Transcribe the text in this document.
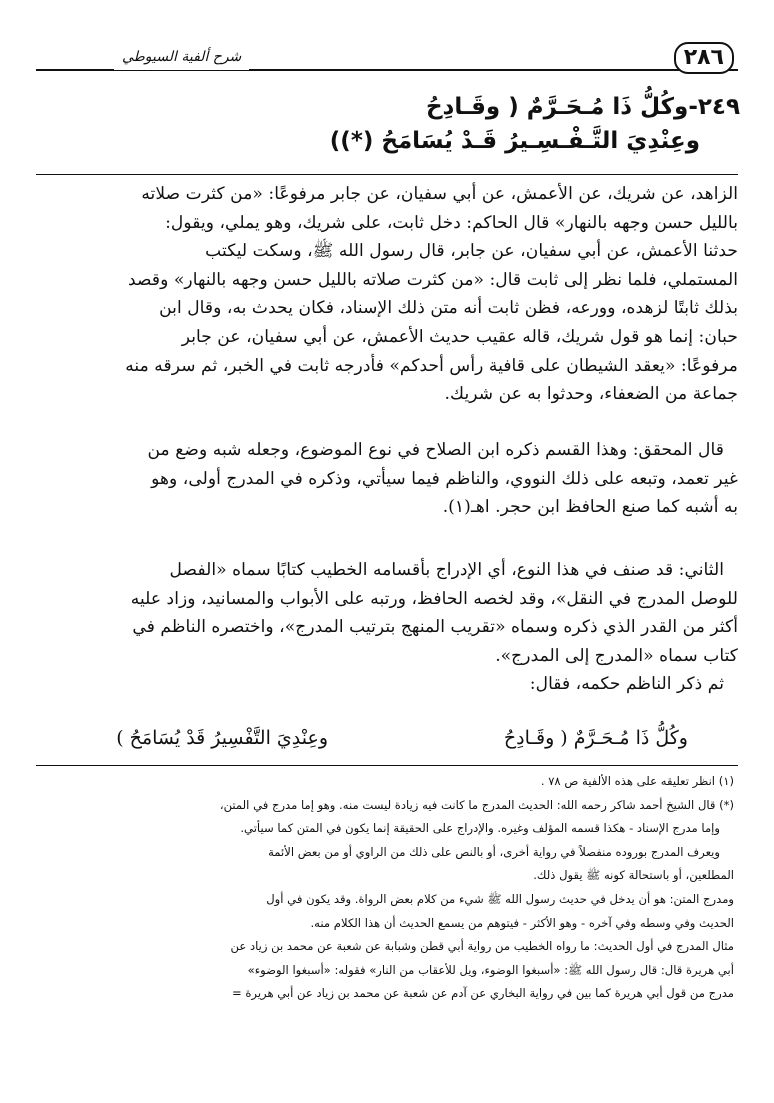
٢٨٦
شرح ألفية السيوطي
٢٤٩-وكُلُّ ذَا مُـحَـرَّمٌ ( وقَـادِحُ
وعِنْدِيَ التَّـفْـسِـيرُ قَـدْ يُسَامَحُ (*))

الزاهد، عن شريك، عن الأعمش، عن أبي سفيان، عن جابر مرفوعًا: «من كثرت صلاته

بالليل حسن وجهه بالنهار» قال الحاكم: دخل ثابت، على شريك، وهو يملي، ويقول:

حدثنا الأعمش، عن أبي سفيان، عن جابر، قال رسول الله ﷺ، وسكت ليكتب

المستملي، فلما نظر إلى ثابت قال: «من كثرت صلاته بالليل حسن وجهه بالنهار» وقصد

بذلك ثابتًا لزهده، وورعه، فظن ثابت أنه متن ذلك الإسناد، فكان يحدث به، وقال ابن

حبان: إنما هو قول شريك، قاله عقيب حديث الأعمش، عن أبي سفيان، عن جابر

مرفوعًا: «يعقد الشيطان على قافية رأس أحدكم» فأدرجه ثابت في الخبر، ثم سرقه منه

جماعة من الضعفاء، وحدثوا به عن شريك.

قال المحقق: وهذا القسم ذكره ابن الصلاح في نوع الموضوع، وجعله شبه وضع من

غير تعمد، وتبعه على ذلك النووي، والناظم فيما سيأتي، وذكره في المدرج أولى، وهو

به أشبه كما صنع الحافظ ابن حجر. اهـ(١).

الثاني: قد صنف في هذا النوع، أي الإدراج بأقسامه الخطيب كتابًا سماه «الفصل

للوصل المدرج في النقل»، وقد لخصه الحافظ، ورتبه على الأبواب والمسانيد، وزاد عليه

أكثر من القدر الذي ذكره وسماه «تقريب المنهج بترتيب المدرج»، واختصره الناظم في

كتاب سماه «المدرج إلى المدرج».

ثم ذكر الناظم حكمه، فقال:

وكُلُّ ذَا مُـحَـرَّمٌ ( وقَـادِحُ
وعِنْدِيَ التَّفْسِيرُ قَدْ يُسَامَحُ )

(١) انظر تعليقه على هذه الألفية ص ٧٨ .

(*) قال الشيخ أحمد شاكر رحمه الله: الحديث المدرج ما كانت فيه زيادة ليست منه. وهو إما مدرج في المتن،

وإما مدرج الإسناد - هكذا قسمه المؤلف وغيره. والإدراج على الحقيقة إنما يكون في المتن كما سيأتي.

ويعرف المدرج بوروده منفصلاً في رواية أخرى، أو بالنص على ذلك من الراوي أو من بعض الأئمة

المطلعين، أو باستحالة كونه ﷺ يقول ذلك.

ومدرج المتن: هو أن يدخل في حديث رسول الله ﷺ شيء من كلام بعض الرواة. وقد يكون في أول

الحديث وفي وسطه وفي آخره - وهو الأكثر - فيتوهم من يسمع الحديث أن هذا الكلام منه.

مثال المدرج في أول الحديث: ما رواه الخطيب من رواية أبي قطن وشبابة عن شعبة عن محمد بن زياد عن

أبي هريرة قال: قال رسول الله ﷺ: «أسبغوا الوضوء، ويل للأعقاب من النار» فقوله: «أسبغوا الوضوء»

مدرج من قول أبي هريرة كما بين في رواية البخاري عن آدم عن شعبة عن محمد بن زياد عن أبي هريرة =
